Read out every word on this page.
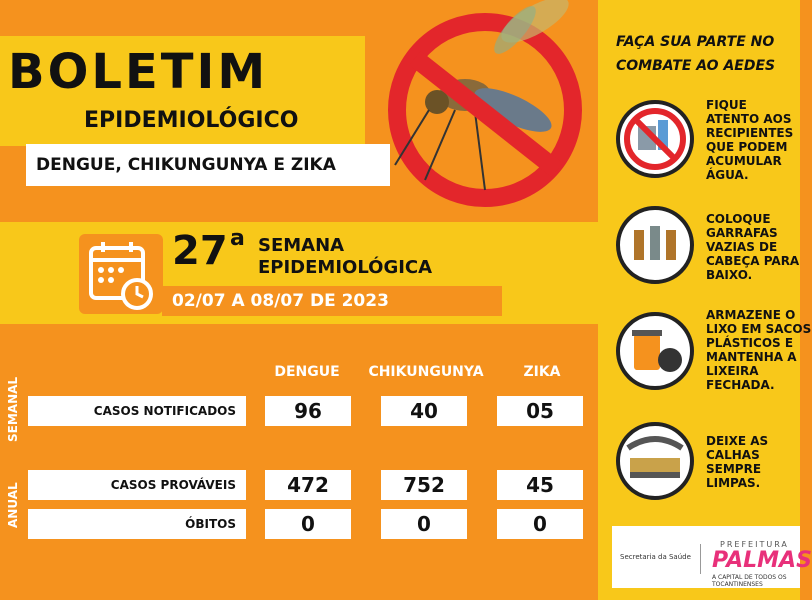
BOLETIM
EPIDEMIOLÓGICO
DENGUE, CHIKUNGUNYA E ZIKA
27 a SEMANA
EPIDEMIOLÓGICA
02/07 A 08/07 DE 2023
DENGUE	CHIKUNGUNYA	ZIKA
SEMANAL
ANUAL
CASOS NOTIFICADOS	96	40	05
CASOS PROVÁVEIS	472	752	45
ÓBITOS	0	0	0
FAÇA SUA PARTE NO
COMBATE AO AEDES
FIQUE
ATENTO AOS
RECIPIENTES
QUE PODEM
ACUMULAR
ÁGUA.
COLOQUE
GARRAFAS
VAZIAS DE
CABEÇA PARA
BAIXO.
ARMAZENE O
LIXO EM SACOS
PLÁSTICOS E
MANTENHA A
LIXEIRA
FECHADA.
DEIXE AS
CALHAS
SEMPRE
LIMPAS.
Secretaria da Saúde
PREFEITURA
PALMAS
A CAPITAL DE TODOS OS TOCANTINENSES
